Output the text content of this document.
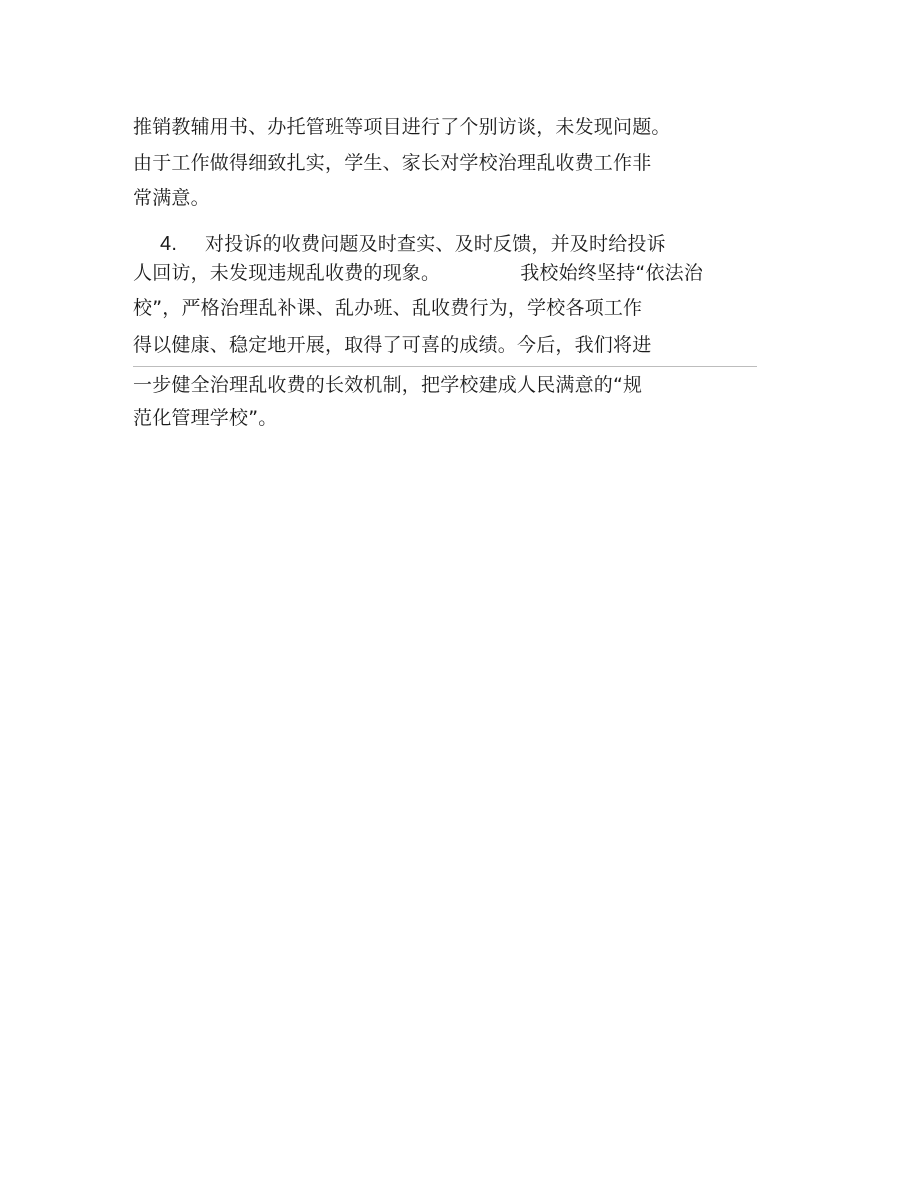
推销教辅用书、办托管班等项目进行了个别访谈，未发现问题。
由于工作做得细致扎实，学生、家长对学校治理乱收费工作非
常满意。
4. 对投诉的收费问题及时查实、及时反馈，并及时给投诉
人回访，未发现违规乱收费的现象。	我校始终坚持“依法治
校”，严格治理乱补课、乱办班、乱收费行为，学校各项工作
得以健康、稳定地开展，取得了可喜的成绩。今后，我们将进
一步健全治理乱收费的长效机制，把学校建成人民满意的“规
范化管理学校”。
